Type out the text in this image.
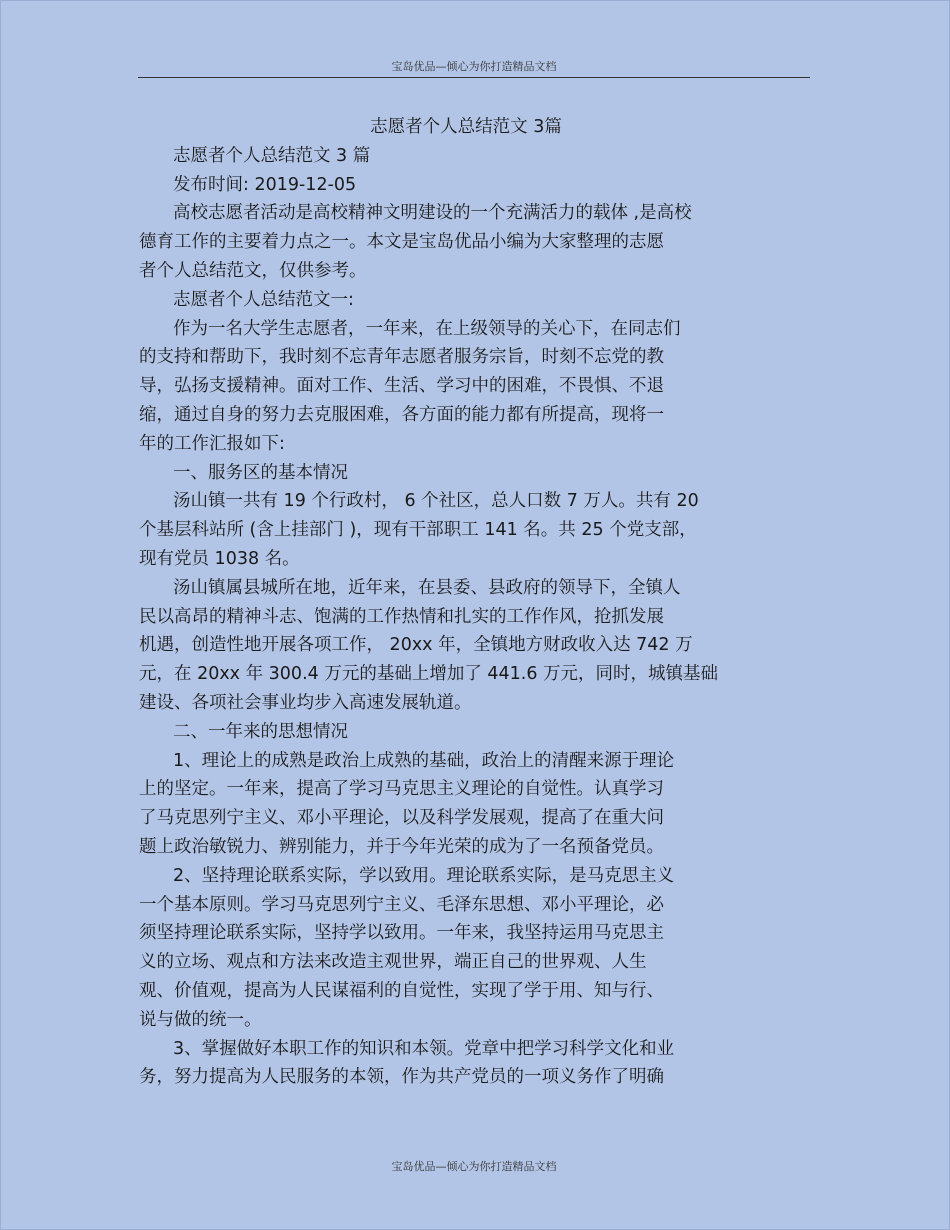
宝岛优品—倾心为你打造精品文档
志愿者个人总结范文 3篇
志愿者个人总结范文 3 篇
发布时间: 2019-12-05
高校志愿者活动是高校精神文明建设的一个充满活力的载体 ,是高校
德育工作的主要着力点之一。本文是宝岛优品小编为大家整理的志愿
者个人总结范文，仅供参考。
志愿者个人总结范文一:
作为一名大学生志愿者，一年来，在上级领导的关心下，在同志们
的支持和帮助下，我时刻不忘青年志愿者服务宗旨，时刻不忘党的教
导，弘扬支援精神。面对工作、生活、学习中的困难，不畏惧、不退
缩，通过自身的努力去克服困难，各方面的能力都有所提高，现将一
年的工作汇报如下:
一、服务区的基本情况
汤山镇一共有 19 个行政村， 6 个社区，总人口数 7 万人。共有 20
个基层科站所 (含上挂部门 )，现有干部职工 141 名。共 25 个党支部，
现有党员 1038 名。
汤山镇属县城所在地，近年来，在县委、县政府的领导下，全镇人
民以高昂的精神斗志、饱满的工作热情和扎实的工作作风，抢抓发展
机遇，创造性地开展各项工作， 20xx 年，全镇地方财政收入达 742 万
元，在 20xx 年 300.4 万元的基础上增加了 441.6 万元，同时，城镇基础
建设、各项社会事业均步入高速发展轨道。
二、一年来的思想情况
1、理论上的成熟是政治上成熟的基础，政治上的清醒来源于理论
上的坚定。一年来，提高了学习马克思主义理论的自觉性。认真学习
了马克思列宁主义、邓小平理论，以及科学发展观，提高了在重大问
题上政治敏锐力、辨别能力，并于今年光荣的成为了一名预备党员。
2、坚持理论联系实际，学以致用。理论联系实际，是马克思主义
一个基本原则。学习马克思列宁主义、毛泽东思想、邓小平理论，必
须坚持理论联系实际，坚持学以致用。一年来，我坚持运用马克思主
义的立场、观点和方法来改造主观世界，端正自己的世界观、人生
观、价值观，提高为人民谋福利的自觉性，实现了学于用、知与行、
说与做的统一。
3、掌握做好本职工作的知识和本领。党章中把学习科学文化和业
务，努力提高为人民服务的本领，作为共产党员的一项义务作了明确
宝岛优品—倾心为你打造精品文档
